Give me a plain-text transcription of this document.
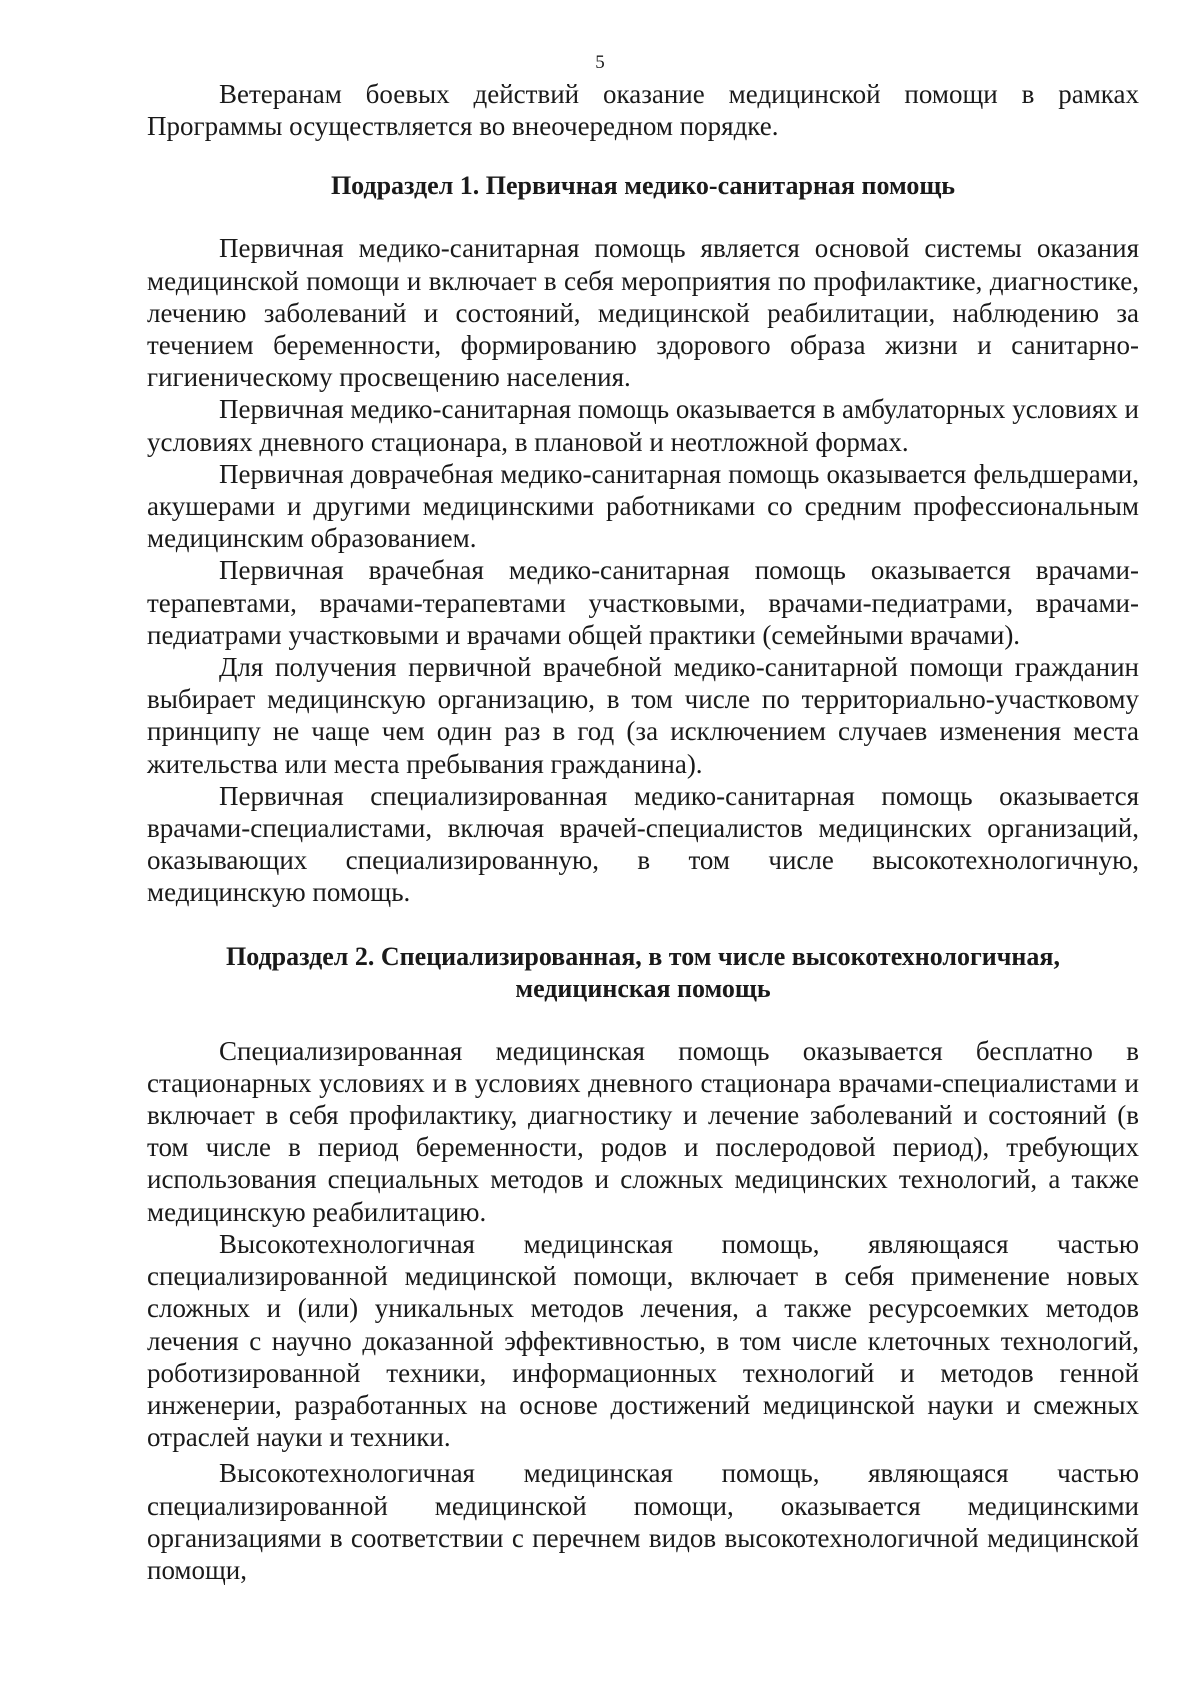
5

Ветеранам боевых действий оказание медицинской помощи в рамках Программы осуществляется во внеочередном порядке.

Подраздел 1. Первичная медико-санитарная помощь

Первичная медико-санитарная помощь является основой системы оказания медицинской помощи и включает в себя мероприятия по профилактике, диагностике, лечению заболеваний и состояний, медицинской реабилитации, наблюдению за течением беременности, формированию здорового образа жизни и санитарно-гигиеническому просвещению населения.

Первичная медико-санитарная помощь оказывается в амбулаторных условиях и условиях дневного стационара, в плановой и неотложной формах.

Первичная доврачебная медико-санитарная помощь оказывается фельдшерами, акушерами и другими медицинскими работниками со средним профессиональным медицинским образованием.

Первичная врачебная медико-санитарная помощь оказывается врачами-терапевтами, врачами-терапевтами участковыми, врачами-педиатрами, врачами-педиатрами участковыми и врачами общей практики (семейными врачами).

Для получения первичной врачебной медико-санитарной помощи гражданин выбирает медицинскую организацию, в том числе по территориально-участковому принципу не чаще чем один раз в год (за исключением случаев изменения места жительства или места пребывания гражданина).

Первичная специализированная медико-санитарная помощь оказывается врачами-специалистами, включая врачей-специалистов медицинских организаций, оказывающих специализированную, в том числе высокотехнологичную, медицинскую помощь.

Подраздел 2. Специализированная, в том числе высокотехнологичная,
медицинская помощь

Специализированная медицинская помощь оказывается бесплатно в стационарных условиях и в условиях дневного стационара врачами-специалистами и включает в себя профилактику, диагностику и лечение заболеваний и состояний (в том числе в период беременности, родов и послеродовой период), требующих использования специальных методов и сложных медицинских технологий, а также медицинскую реабилитацию.

Высокотехнологичная медицинская помощь, являющаяся частью специализированной медицинской помощи, включает в себя применение новых сложных и (или) уникальных методов лечения, а также ресурсоемких методов лечения с научно доказанной эффективностью, в том числе клеточных технологий, роботизированной техники, информационных технологий и методов генной инженерии, разработанных на основе достижений медицинской науки и смежных отраслей науки и техники.

Высокотехнологичная медицинская помощь, являющаяся частью специализированной медицинской помощи, оказывается медицинскими организациями в соответствии с перечнем видов высокотехнологичной медицинской помощи,
